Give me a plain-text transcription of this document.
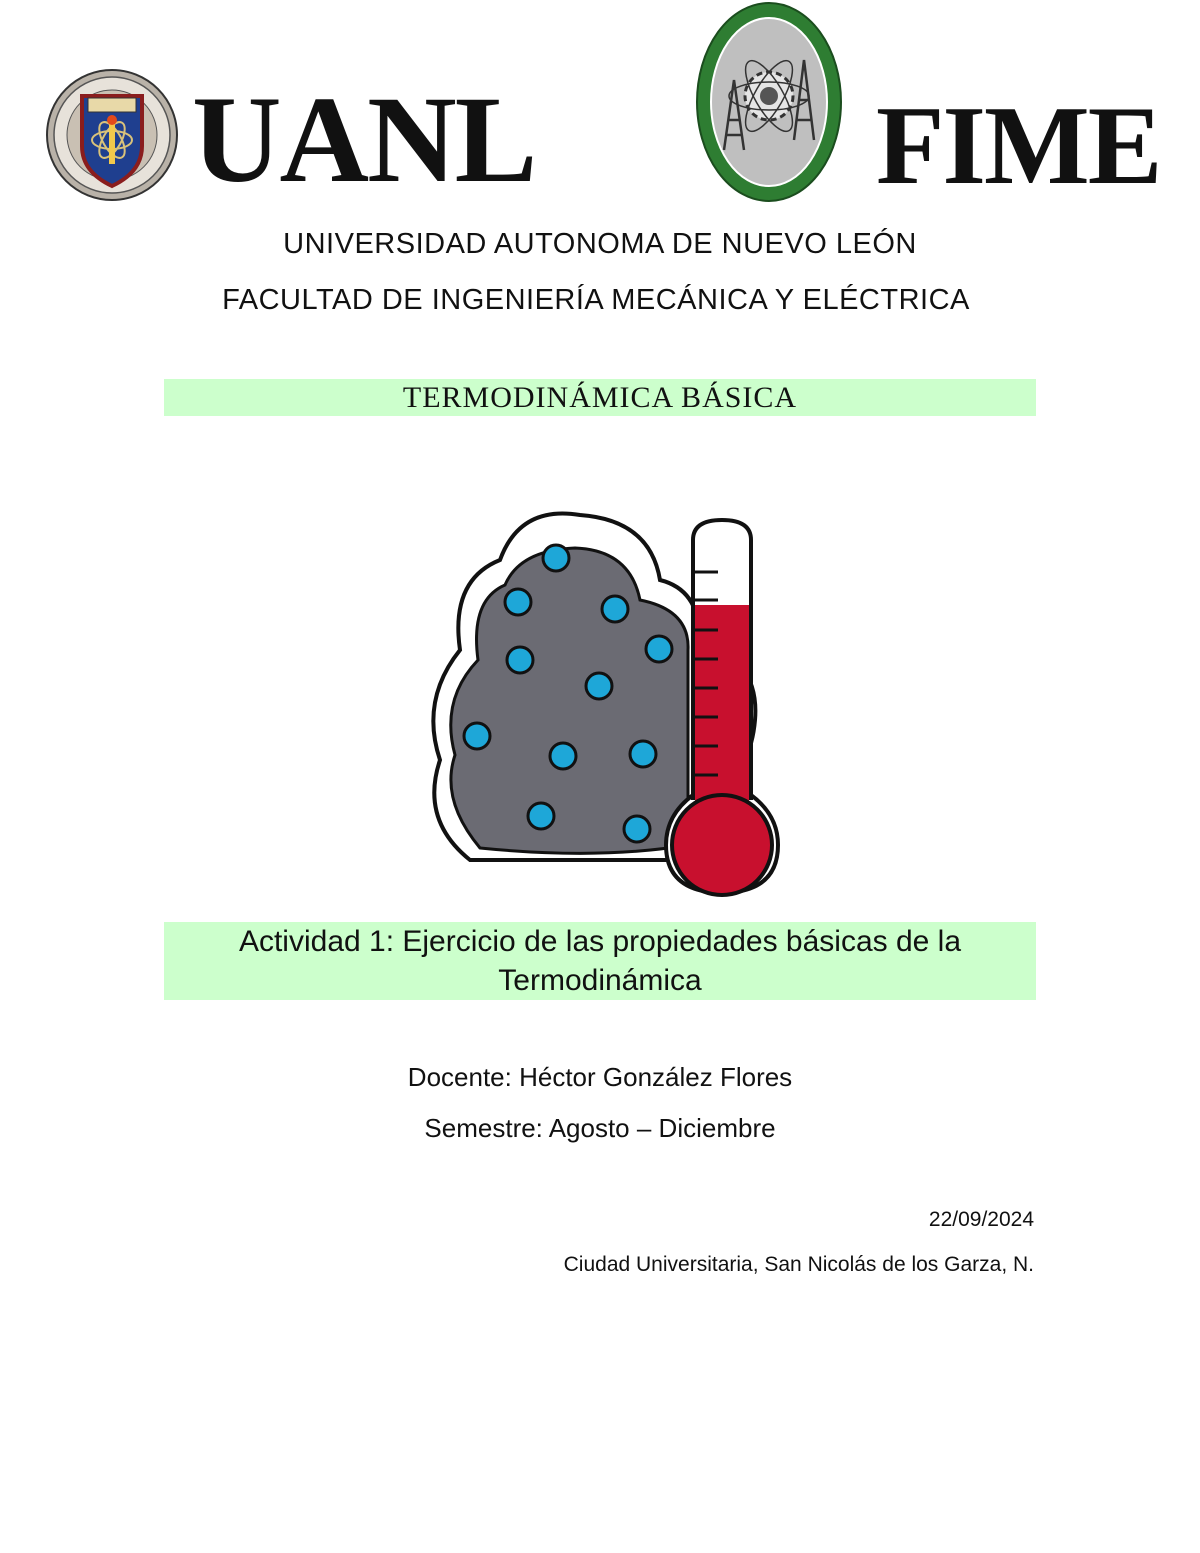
UANL	FIME
UNIVERSIDAD AUTONOMA DE NUEVO LEÓN
FACULTAD DE INGENIERÍA MECÁNICA Y ELÉCTRICA
TERMODINÁMICA BÁSICA
Actividad 1: Ejercicio de las propiedades básicas de la
Termodinámica
Docente: Héctor González Flores
Semestre: Agosto – Diciembre
22/09/2024
Ciudad Universitaria, San Nicolás de los Garza, N.
